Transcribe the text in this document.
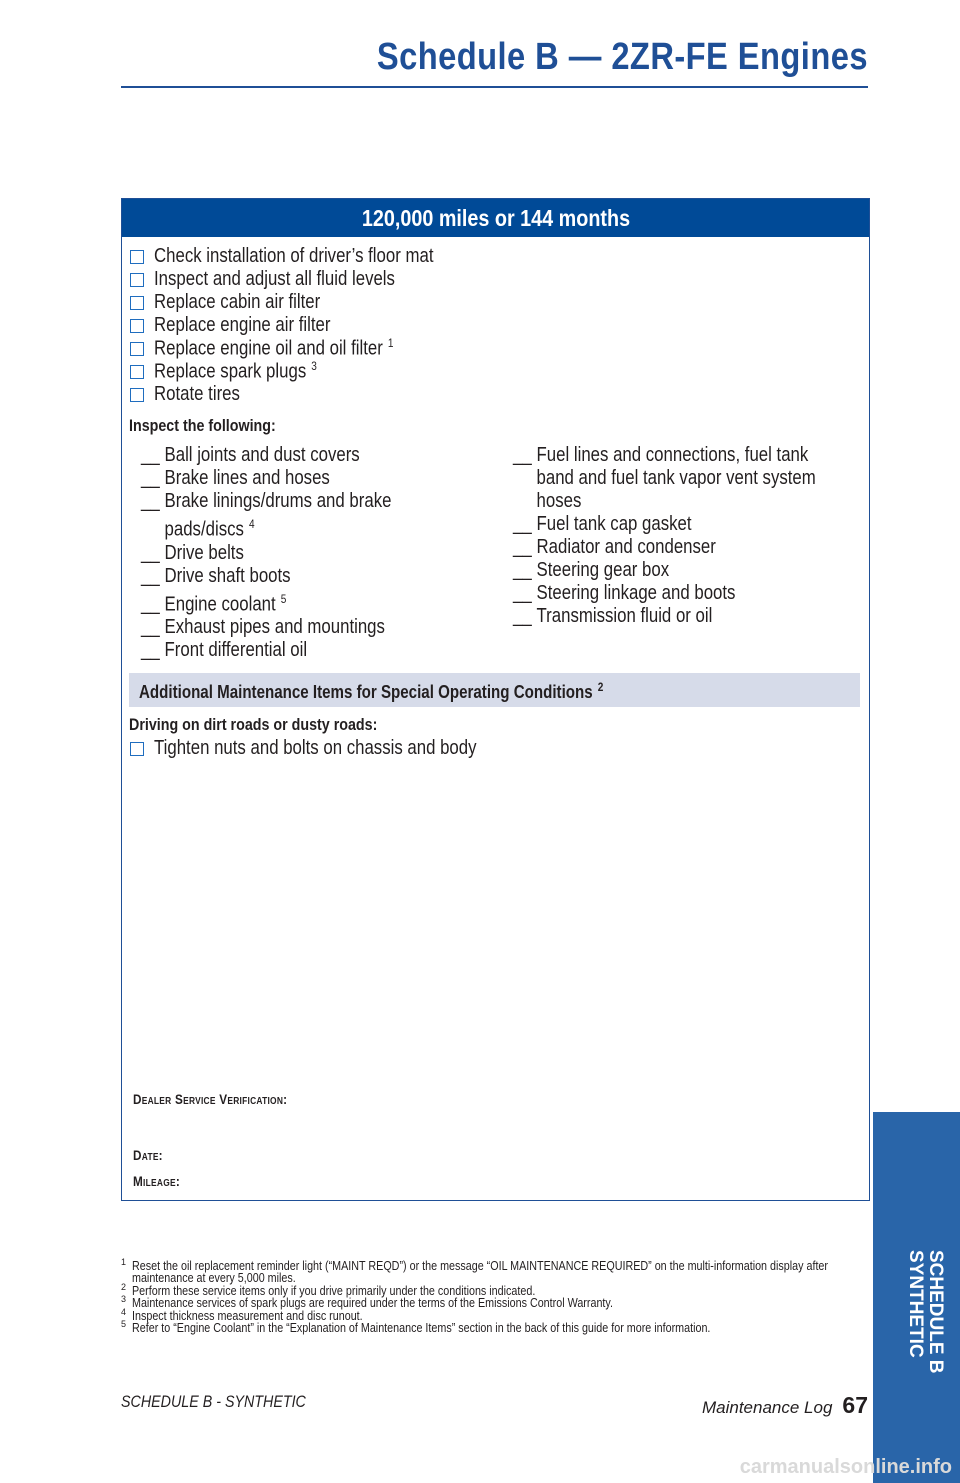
Schedule B — 2ZR-FE Engines
120,000 miles or 144 months
Check installation of driver’s floor mat
Inspect and adjust all fluid levels
Replace cabin air filter
Replace engine air filter
Replace engine oil and oil filter $^1$
Replace spark plugs $^3$
Rotate tires
Inspect the following:
__ Ball joints and dust covers
__ Brake lines and hoses
__ Brake linings/drums and brakepads/discs $^4$
__ Drive belts
__ Drive shaft boots
__ Engine coolant $^5$
__ Exhaust pipes and mountings
__ Front differential oil
__ Fuel lines and connections, fuel tankband and fuel tank vapor vent systemhoses
__ Fuel tank cap gasket
__ Radiator and condenser
__ Steering gear box
__ Steering linkage and boots
__ Transmission fluid or oil
Additional Maintenance Items for Special Operating Conditions $^2$
Driving on dirt roads or dusty roads:
Tighten nuts and bolts on chassis and body
Dealer Service Verification:
Date:
Mileage:
1 Reset the oil replacement reminder light (“MAINT REQD”) or the message “OIL MAINTENANCE REQUIRED” on the multi-information display after maintenance at every 5,000 miles.
2 Perform these service items only if you drive primarily under the conditions indicated.
3 Maintenance services of spark plugs are required under the terms of the Emissions Control Warranty.
4 Inspect thickness measurement and disc runout.
5 Refer to “Engine Coolant” in the “Explanation of Maintenance Items” section in the back of this guide for more information.
SCHEDULE B - SYNTHETIC	Maintenance Log 67
SCHEDULE B
SYNTHETIC
carmanualsonline.info
